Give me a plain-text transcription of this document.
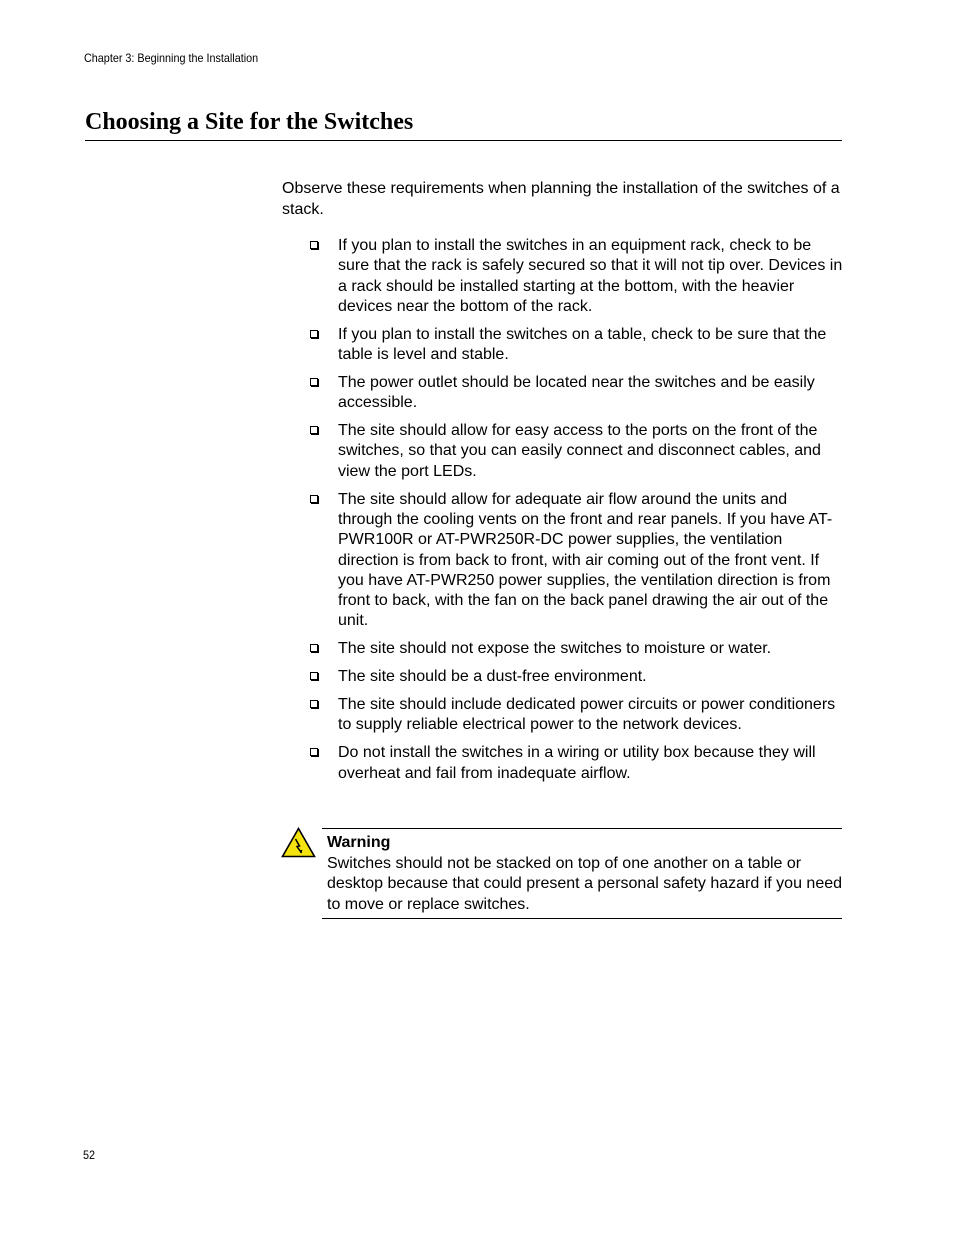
Chapter 3: Beginning the Installation
Choosing a Site for the Switches

Observe these requirements when planning the installation of the switches of a stack.

If you plan to install the switches in an equipment rack, check to be sure that the rack is safely secured so that it will not tip over. Devices in a rack should be installed starting at the bottom, with the heavier devices near the bottom of the rack.
If you plan to install the switches on a table, check to be sure that the table is level and stable.
The power outlet should be located near the switches and be easily accessible.
The site should allow for easy access to the ports on the front of the switches, so that you can easily connect and disconnect cables, and view the port LEDs.
The site should allow for adequate air flow around the units and through the cooling vents on the front and rear panels. If you have AT-PWR100R or AT-PWR250R-DC power supplies, the ventilation direction is from back to front, with air coming out of the front vent. If you have AT-PWR250 power supplies, the ventilation direction is from front to back, with the fan on the back panel drawing the air out of the unit.
The site should not expose the switches to moisture or water.
The site should be a dust-free environment.
The site should include dedicated power circuits or power conditioners to supply reliable electrical power to the network devices.
Do not install the switches in a wiring or utility box because they will overheat and fail from inadequate airflow.
Warning

Switches should not be stacked on top of one another on a table or desktop because that could present a personal safety hazard if you need to move or replace switches.

52
